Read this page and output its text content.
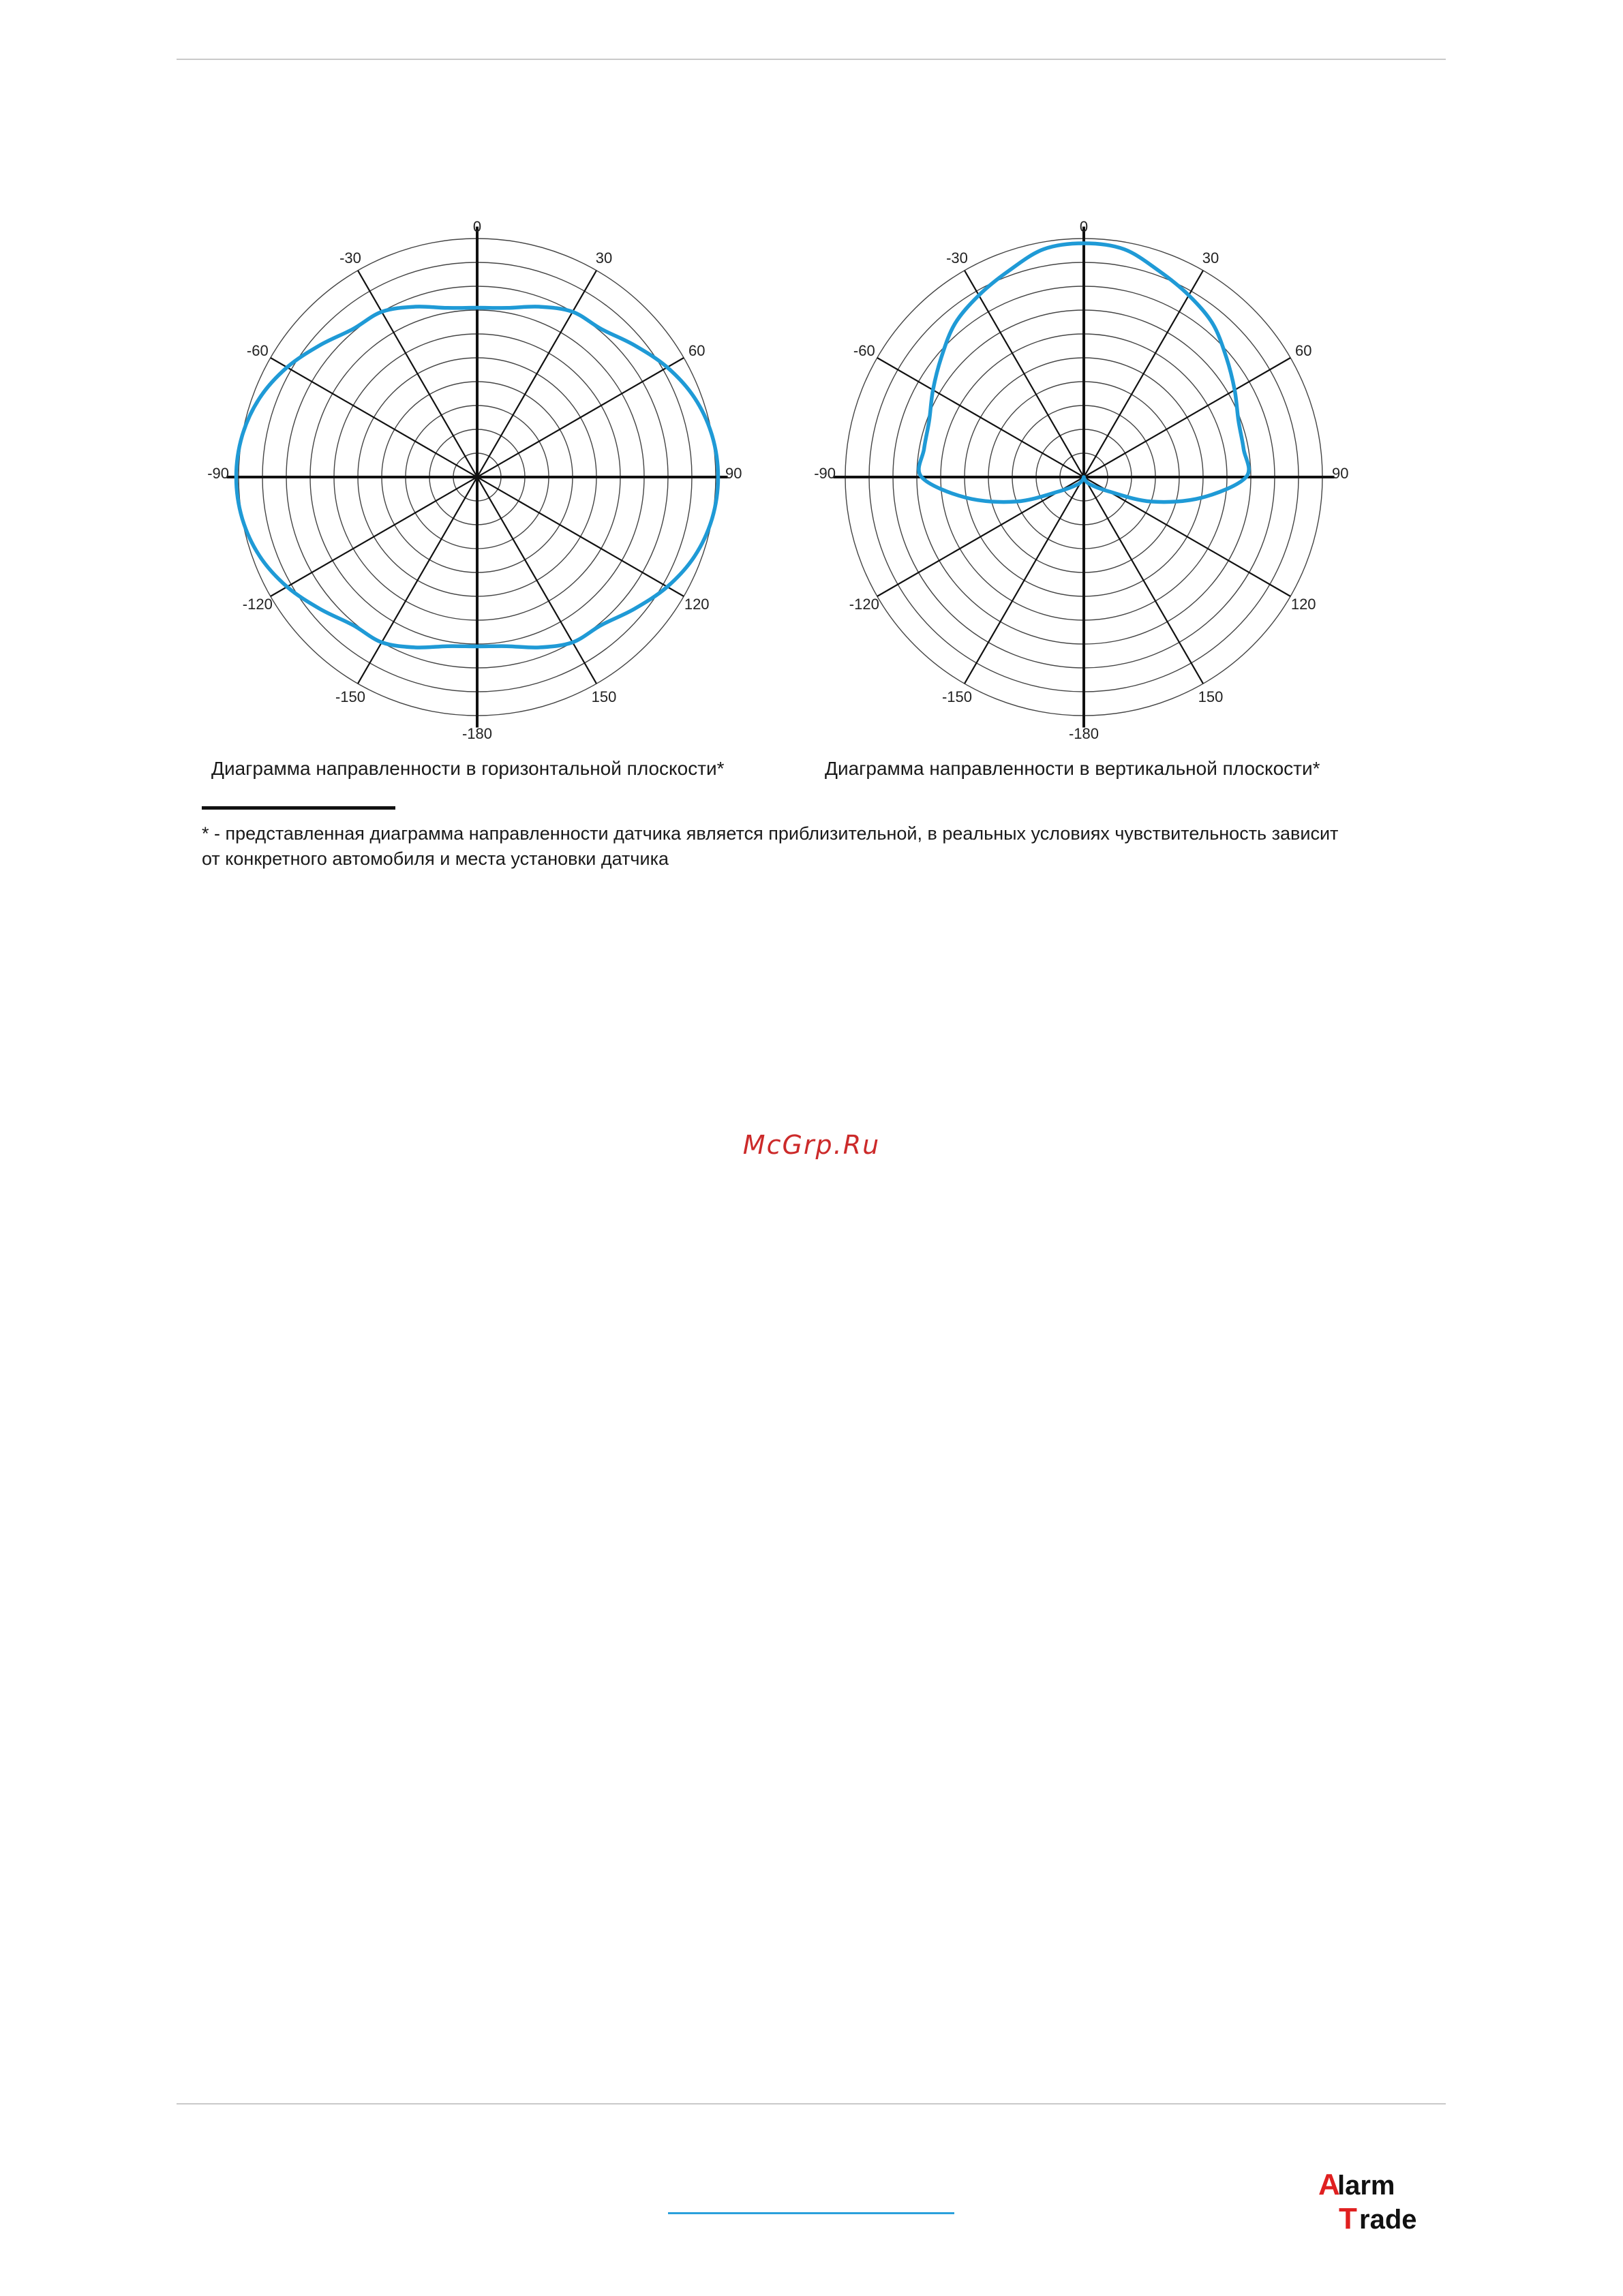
0
30
60
90
120
150
-180
-150
-120
-90
-60
-30
Диаграмма направленности в горизонтальной плоскости*
0
30
60
90
120
150
-180
-150
-120
-90
-60
-30
Диаграмма направленности в вертикальной плоскости*
* - представленная диаграмма направленности датчика является приблизительной, в реальных условиях чувствительность зависит
от конкретного автомобиля и места установки датчика
McGrp.Ru
A
larm
T rade
